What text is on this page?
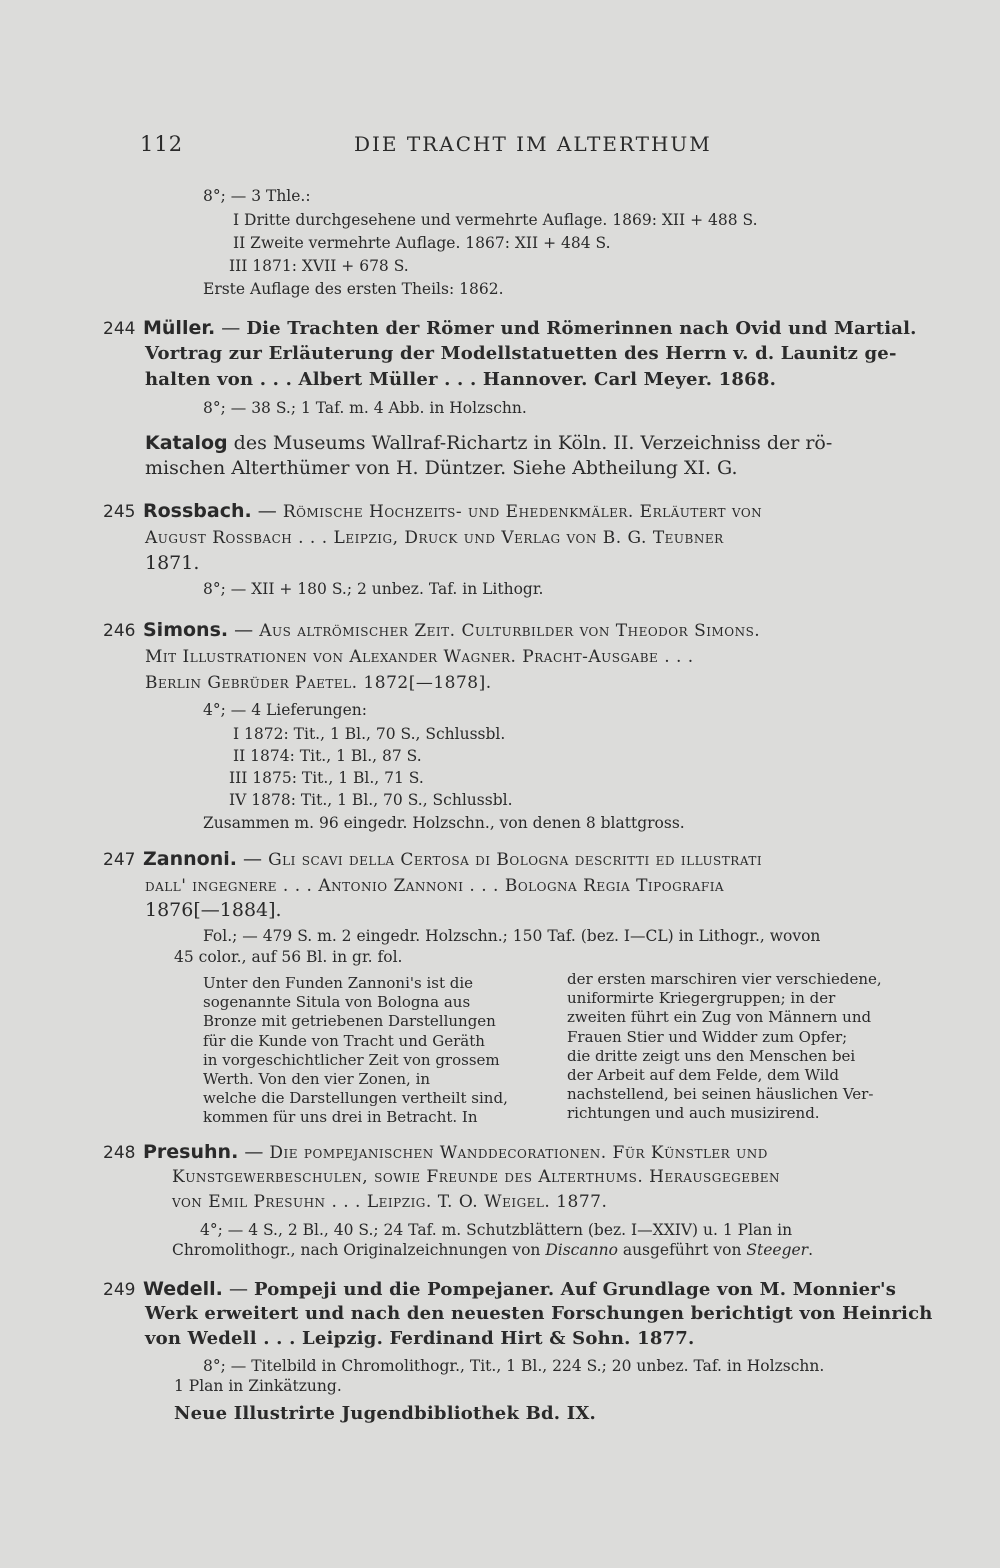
112	DIE TRACHT IM ALTERTHUM
8°; — 3 Thle.:
I Dritte durchgesehene und vermehrte Auflage. 1869: XII + 488 S.
II Zweite vermehrte Auflage. 1867: XII + 484 S.
III 1871: XVII + 678 S.
Erste Auflage des ersten Theils: 1862.
244 Müller. — Die Trachten der Römer und Römerinnen nach Ovid und Martial.
Vortrag zur Erläuterung der Modellstatuetten des Herrn v. d. Launitz ge-
halten von . . . Albert Müller . . . Hannover. Carl Meyer. 1868.
8°; — 38 S.; 1 Taf. m. 4 Abb. in Holzschn.
Katalog des Museums Wallraf-Richartz in Köln. II. Verzeichniss der rö-
mischen Alterthümer von H. Düntzer. Siehe Abtheilung XI. G.
245 Rossbach. — Römische Hochzeits- und Ehedenkmäler. Erläutert von
August Rossbach . . . Leipzig, Druck und Verlag von B. G. Teubner
1871.
8°; — XII + 180 S.; 2 unbez. Taf. in Lithogr.
246 Simons. — Aus altrömischer Zeit. Culturbilder von Theodor Simons.
Mit Illustrationen von Alexander Wagner. Pracht-Ausgabe . . .
Berlin Gebrüder Paetel. 1872[—1878].
4°; — 4 Lieferungen:
I 1872: Tit., 1 Bl., 70 S., Schlussbl.
II 1874: Tit., 1 Bl., 87 S.
III 1875: Tit., 1 Bl., 71 S.
IV 1878: Tit., 1 Bl., 70 S., Schlussbl.
Zusammen m. 96 eingedr. Holzschn., von denen 8 blattgross.
247 Zannoni. — Gli scavi della Certosa di Bologna descritti ed illustrati
dall' ingegnere . . . Antonio Zannoni . . . Bologna Regia Tipografia
1876[—1884].
Fol.; — 479 S. m. 2 eingedr. Holzschn.; 150 Taf. (bez. I—CL) in Lithogr., wovon
45 color., auf 56 Bl. in gr. fol.
Unter den Funden Zannoni's ist die
sogenannte Situla von Bologna aus
Bronze mit getriebenen Darstellungen
für die Kunde von Tracht und Geräth
in vorgeschichtlicher Zeit von grossem
Werth. Von den vier Zonen, in
welche die Darstellungen vertheilt sind,
kommen für uns drei in Betracht. In
der ersten marschiren vier verschiedene,
uniformirte Kriegergruppen; in der
zweiten führt ein Zug von Männern und
Frauen Stier und Widder zum Opfer;
die dritte zeigt uns den Menschen bei
der Arbeit auf dem Felde, dem Wild
nachstellend, bei seinen häuslichen Ver-
richtungen und auch musizirend.
248 Presuhn. — Die pompejanischen Wanddecorationen. Für Künstler und
Kunstgewerbeschulen, sowie Freunde des Alterthums. Herausgegeben
von Emil Presuhn . . . Leipzig. T. O. Weigel. 1877.
4°; — 4 S., 2 Bl., 40 S.; 24 Taf. m. Schutzblättern (bez. I—XXIV) u. 1 Plan in
Chromolithogr., nach Originalzeichnungen von Discanno ausgeführt von Steeger.
249 Wedell. — Pompeji und die Pompejaner. Auf Grundlage von M. Monnier's
Werk erweitert und nach den neuesten Forschungen berichtigt von Heinrich
von Wedell . . . Leipzig. Ferdinand Hirt & Sohn. 1877.
8°; — Titelbild in Chromolithogr., Tit., 1 Bl., 224 S.; 20 unbez. Taf. in Holzschn.
1 Plan in Zinkätzung.
Neue Illustrirte Jugendbibliothek Bd. IX.
